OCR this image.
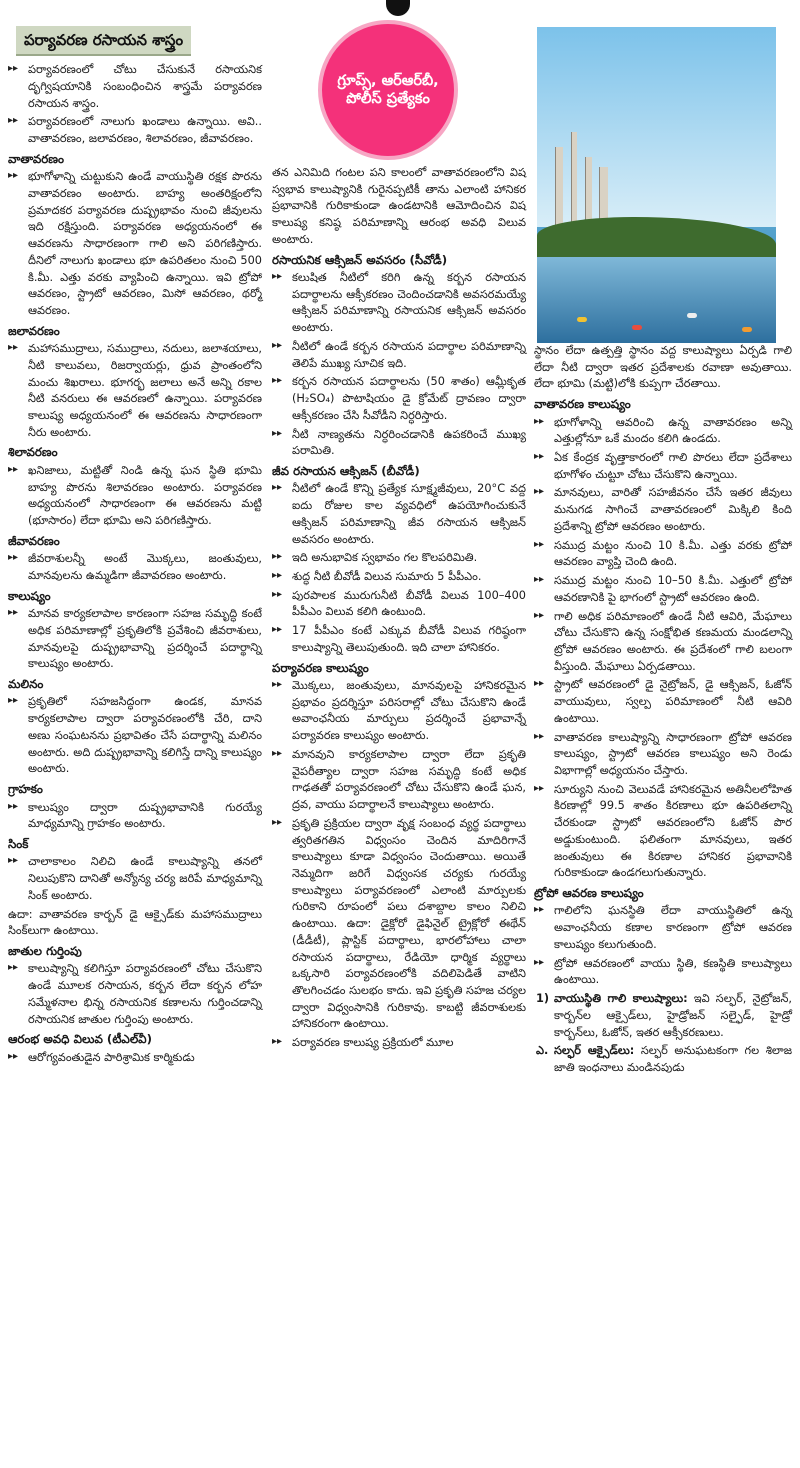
గ్రూప్స్, ఆర్‌ఆర్‌బీ, పోలీస్ ప్రత్యేకం
పర్యావరణ రసాయన శాస్త్రం
▸▸ పర్యావరణంలో చోటు చేసుకునే రసాయనిక దృగ్విషయానికి సంబంధించిన శాస్త్రమే పర్యావరణ రసాయన శాస్త్రం.
▸▸ పర్యావరణంలో నాలుగు ఖండాలు ఉన్నాయి. అవి.. వాతావరణం, జలావరణం, శిలావరణం, జీవావరణం.
వాతావరణం
▸▸ భూగోళాన్ని చుట్టుకుని ఉండే వాయుస్థితి రక్షక పొరను వాతావరణం అంటారు. బాహ్య అంతరిక్షంలోని ప్రమాదకర పర్యావరణ దుష్ప్రభావం నుంచి జీవులను ఇది రక్షిస్తుంది. పర్యావరణ అధ్యయనంలో ఈ ఆవరణను సాధారణంగా గాలి అని పరిగణిస్తారు. దీనిలో నాలుగు ఖండాలు భూ ఉపరితలం నుంచి 500 కి.మీ. ఎత్తు వరకు వ్యాపించి ఉన్నాయి. ఇవి ట్రోపో ఆవరణం, స్ట్రాటో ఆవరణం, మిసో ఆవరణం, థర్మో ఆవరణం.
జలావరణం
▸▸ మహాసముద్రాలు, సముద్రాలు, నదులు, జలాశయాలు, నీటి కాలువలు, రిజర్వాయర్లు, ధ్రువ ప్రాంతంలోని మంచు శిఖరాలు. భూగర్భ జలాలు అనే అన్ని రకాల నీటి వనరులు ఈ ఆవరణలో ఉన్నాయి. పర్యావరణ కాలుష్య అధ్యయనంలో ఈ ఆవరణను సాధారణంగా నీరు అంటారు.
శిలావరణం
▸▸ ఖనిజాలు, మట్టితో నిండి ఉన్న ఘన స్థితి భూమి బాహ్య పొరను శిలావరణం అంటారు. పర్యావరణ అధ్యయనంలో సాధారణంగా ఈ ఆవరణను మట్టి (భూసారం) లేదా భూమి అని పరిగణిస్తారు.
జీవావరణం
▸▸ జీవరాశులన్నీ అంటే మొక్కలు, జంతువులు, మానవులను ఉమ్మడిగా జీవావరణం అంటారు.
కాలుష్యం
▸▸ మానవ కార్యకలాపాల కారణంగా సహజ సమృద్ధి కంటే అధిక పరిమాణాల్లో ప్రకృతిలోకి ప్రవేశించి జీవరాశులు, మానవులపై దుష్ప్రభావాన్ని ప్రదర్శించే పదార్థాన్ని కాలుష్యం అంటారు.
మలినం
▸▸ ప్రకృతిలో సహజసిద్ధంగా ఉండక, మానవ కార్యకలాపాల ద్వారా పర్యావరణంలోకి చేరి, దాని అణు సంఘటనను ప్రభావితం చేసే పదార్థాన్ని మలినం అంటారు. అది దుష్ప్రభావాన్ని కలిగిస్తే దాన్ని కాలుష్యం అంటారు.
గ్రాహకం
▸▸ కాలుష్యం ద్వారా దుష్ప్రభావానికి గురయ్యే మాధ్యమాన్ని గ్రాహకం అంటారు.
సింక్
▸▸ చాలాకాలం నిలిచి ఉండే కాలుష్యాన్ని తనలో నిలుపుకొని దానితో అన్యోన్య చర్య జరిపే మాధ్యమాన్ని సింక్ అంటారు.
ఉదా: వాతావరణ కార్బన్ డై ఆక్సైడ్‌కు మహాసముద్రాలు సింక్‌లుగా ఉంటాయి.
జాతుల గుర్తింపు
▸▸ కాలుష్యాన్ని కలిగిస్తూ పర్యావరణంలో చోటు చేసుకొని ఉండే మూలక రసాయన, కర్బన లేదా కర్బన లోహ సమ్మేళనాల భిన్న రసాయనిక కణాలను గుర్తించడాన్ని రసాయనిక జాతుల గుర్తింపు అంటారు.
ఆరంభ అవధి విలువ (టీఎల్‌వీ)
▸▸ ఆరోగ్యవంతుడైన పారిశ్రామిక కార్మికుడు
తన ఎనిమిది గంటల పని కాలంలో వాతావరణంలోని విష స్వభావ కాలుష్యానికి గురైనప్పటికీ తాను ఎలాంటి హానికర ప్రభావానికి గురికాకుండా ఉండటానికి ఆమోదించిన విష కాలుష్య కనిష్ఠ పరిమాణాన్ని ఆరంభ అవధి విలువ అంటారు.
రసాయనిక ఆక్సిజన్ అవసరం (సీవోడీ)
▸▸ కలుషిత నీటిలో కరిగి ఉన్న కర్బన రసాయన పదార్థాలను ఆక్సీకరణం చెందించడానికి అవసరమయ్యే ఆక్సిజన్ పరిమాణాన్ని రసాయనిక ఆక్సిజన్ అవసరం అంటారు.
▸▸ నీటిలో ఉండే కర్బన రసాయన పదార్థాల పరిమాణాన్ని తెలిపే ముఖ్య సూచిక ఇది.
▸▸ కర్బన రసాయన పదార్థాలను (50 శాతం) ఆమ్లీకృత (H₂SO₄) పొటాషియం డై క్రోమేట్ ద్రావణం ద్వారా ఆక్సీకరణం చేసి సీవోడీని నిర్ధరిస్తారు.
▸▸ నీటి నాణ్యతను నిర్ధరించడానికి ఉపకరించే ముఖ్య పరామితి.
జీవ రసాయన ఆక్సిజన్ (బీవోడీ)
▸▸ నీటిలో ఉండే కొన్ని ప్రత్యేక సూక్ష్మజీవులు, 20°C వద్ద ఐదు రోజుల కాల వ్యవధిలో ఉపయోగించుకునే ఆక్సిజన్ పరిమాణాన్ని జీవ రసాయన ఆక్సిజన్ అవసరం అంటారు.
▸▸ ఇది అనుభావిక స్వభావం గల కొలపరిమితి.
▸▸ శుద్ధ నీటి బీవోడీ విలువ సుమారు 5 పీపీఎం.
▸▸ పురపాలక మురుగునీటి బీవోడీ విలువ 100–400 పీపీఎం విలువ కలిగి ఉంటుంది.
▸▸ 17 పీపీఎం కంటే ఎక్కువ బీవోడీ విలువ గరిష్ఠంగా కాలుష్యాన్ని తెలుపుతుంది. ఇది చాలా హానికరం.
పర్యావరణ కాలుష్యం
▸▸ మొక్కలు, జంతువులు, మానవులపై హానికరమైన ప్రభావం ప్రదర్శిస్తూ పరిసరాల్లో చోటు చేసుకొని ఉండే అవాంఛనీయ మార్పులు ప్రదర్శించే ప్రభావాన్నే పర్యావరణ కాలుష్యం అంటారు.
▸▸ మానవుని కార్యకలాపాల ద్వారా లేదా ప్రకృతి వైపరీత్యాల ద్వారా సహజ సమృద్ధి కంటే అధిక గాఢతతో పర్యావరణంలో చోటు చేసుకొని ఉండే ఘన, ద్రవ, వాయు పదార్థాలనే కాలుష్యాలు అంటారు.
▸▸ ప్రకృతి ప్రక్రియల ద్వారా వృక్ష సంబంధ వ్యర్థ పదార్థాలు త్వరితగతిన విధ్వంసం చెందిన మాదిరిగానే కాలుష్యాలు కూడా విధ్వంసం చెందుతాయి. అయితే నెమ్మదిగా జరిగే విధ్వంసక చర్యకు గురయ్యే కాలుష్యాలు పర్యావరణంలో ఎలాంటి మార్పులకు గురికాని రూపంలో పలు దశాబ్దాల కాలం నిలిచి ఉంటాయి. ఉదా: డైక్లోరో డైఫినైల్ ట్రైక్లోరో ఈథేన్ (డీడీటీ), ప్లాస్టిక్ పదార్థాలు, భారలోహాలు చాలా రసాయన పదార్థాలు, రేడియో ధార్మిక వ్యర్థాలు ఒక్కసారి పర్యావరణంలోకి వదిలిపెడితే వాటిని తొలగించడం సులభం కాదు. ఇవి ప్రకృతి సహజ చర్యల ద్వారా విధ్వంసానికి గురికావు. కాబట్టి జీవరాశులకు హానికరంగా ఉంటాయి.
▸▸ పర్యావరణ కాలుష్య ప్రక్రియలో మూల
స్థానం లేదా ఉత్పత్తి స్థానం వద్ద కాలుష్యాలు ఏర్పడి గాలి లేదా నీటి ద్వారా ఇతర ప్రదేశాలకు రవాణా అవుతాయి. లేదా భూమి (మట్టి)లోకి కుప్పగా చేరతాయి.
వాతావరణ కాలుష్యం
▸▸ భూగోళాన్ని ఆవరించి ఉన్న వాతావరణం అన్ని ఎత్తుల్లోనూ ఒకే మందం కలిగి ఉండదు.
▸▸ ఏక కేంద్రక వృత్తాకారంలో గాలి పొరలు లేదా ప్రదేశాలు భూగోళం చుట్టూ చోటు చేసుకొని ఉన్నాయి.
▸▸ మానవులు, వారితో సహజీవనం చేసే ఇతర జీవులు మనుగడ సాగించే వాతావరణంలో మిక్కిలి కింది ప్రదేశాన్ని ట్రోపో ఆవరణం అంటారు.
▸▸ సముద్ర మట్టం నుంచి 10 కి.మీ. ఎత్తు వరకు ట్రోపో ఆవరణం వ్యాప్తి చెంది ఉంది.
▸▸ సముద్ర మట్టం నుంచి 10–50 కి.మీ. ఎత్తులో ట్రోపో ఆవరణానికి పై భాగంలో స్ట్రాటో ఆవరణం ఉంది.
▸▸ గాలి అధిక పరిమాణంలో ఉండే నీటి ఆవిరి, మేఘాలు చోటు చేసుకొని ఉన్న సంక్షోభిత కణమయ మండలాన్ని ట్రోపో ఆవరణం అంటారు. ఈ ప్రదేశంలో గాలి బలంగా వీస్తుంది. మేఘాలు ఏర్పడతాయి.
▸▸ స్ట్రాటో ఆవరణంలో డై నైట్రోజన్, డై ఆక్సిజన్, ఓజోన్ వాయువులు, స్వల్ప పరిమాణంలో నీటి ఆవిరి ఉంటాయి.
▸▸ వాతావరణ కాలుష్యాన్ని సాధారణంగా ట్రోపో ఆవరణ కాలుష్యం, స్ట్రాటో ఆవరణ కాలుష్యం అని రెండు విభాగాల్లో అధ్యయనం చేస్తారు.
▸▸ సూర్యుని నుంచి వెలువడే హానికరమైన అతినీలలోహిత కిరణాల్లో 99.5 శాతం కిరణాలు భూ ఉపరితలాన్ని చేరకుండా స్ట్రాటో ఆవరణంలోని ఓజోన్ పొర అడ్డుకుంటుంది. ఫలితంగా మానవులు, ఇతర జంతువులు ఈ కిరణాల హానికర ప్రభావానికి గురికాకుండా ఉండగలుగుతున్నారు.
ట్రోపో ఆవరణ కాలుష్యం
▸▸ గాలిలోని ఘనస్థితి లేదా వాయుస్థితిలో ఉన్న అవాంఛనీయ కణాల కారణంగా ట్రోపో ఆవరణ కాలుష్యం కలుగుతుంది.
▸▸ ట్రోపో ఆవరణంలో వాయు స్థితి, కణస్థితి కాలుష్యాలు ఉంటాయి.
1) వాయుస్థితి గాలి కాలుష్యాలు: ఇవి సల్ఫర్, నైట్రోజన్, కార్బన్‌ల ఆక్సైడ్‌లు, హైడ్రోజన్ సల్ఫైడ్, హైడ్రో కార్బన్‌లు, ఓజోన్, ఇతర ఆక్సీకరణులు.
ఎ. సల్ఫర్ ఆక్సైడ్‌లు: సల్ఫర్ అనుఘటకంగా గల శిలాజ జాతి ఇంధనాలు మండినపుడు
